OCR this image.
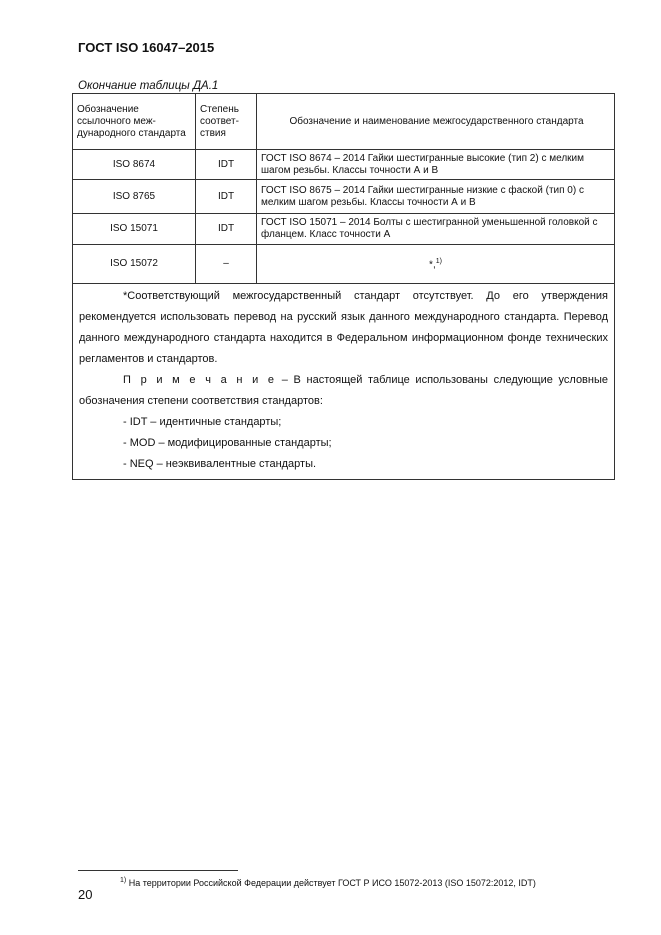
ГОСТ ISO 16047–2015
Окончание таблицы ДА.1
Обозначение ссылочного меж-дународного стандарта	Степень соответ-ствия	Обозначение и наименование межгосударственного стандарта
ISO 8674	IDT	ГОСТ ISO 8674 – 2014 Гайки шестигранные высокие (тип 2) с мелким шагом резьбы. Классы точности А и В
ISO 8765	IDT	ГОСТ ISO 8675 – 2014 Гайки шестигранные низкие с фаской (тип 0) с мелким шагом резьбы. Классы точности А и В
ISO 15071	IDT	ГОСТ ISO 15071 – 2014 Болты с шестигранной уменьшенной головкой с фланцем. Класс точности А
ISO 15072	–	*,$^{1)}$

*Соответствующий межгосударственный стандарт отсутствует. До его утверждения рекомендуется использовать перевод на русский язык данного международного стандарта. Перевод данного международного стандарта находится в Федеральном информационном фонде технических регламентов и стандартов.
П р и м е ч а н и е – В настоящей таблице использованы следующие условные обозначения степени соответствия стандартов:
- IDT – идентичные стандарты;
- MOD – модифицированные стандарты;
- NEQ – неэквивалентные стандарты.		
$^{1)}$ На территории Российской Федерации действует ГОСТ Р ИСО 15072-2013 (ISO 15072:2012, IDT)
20
